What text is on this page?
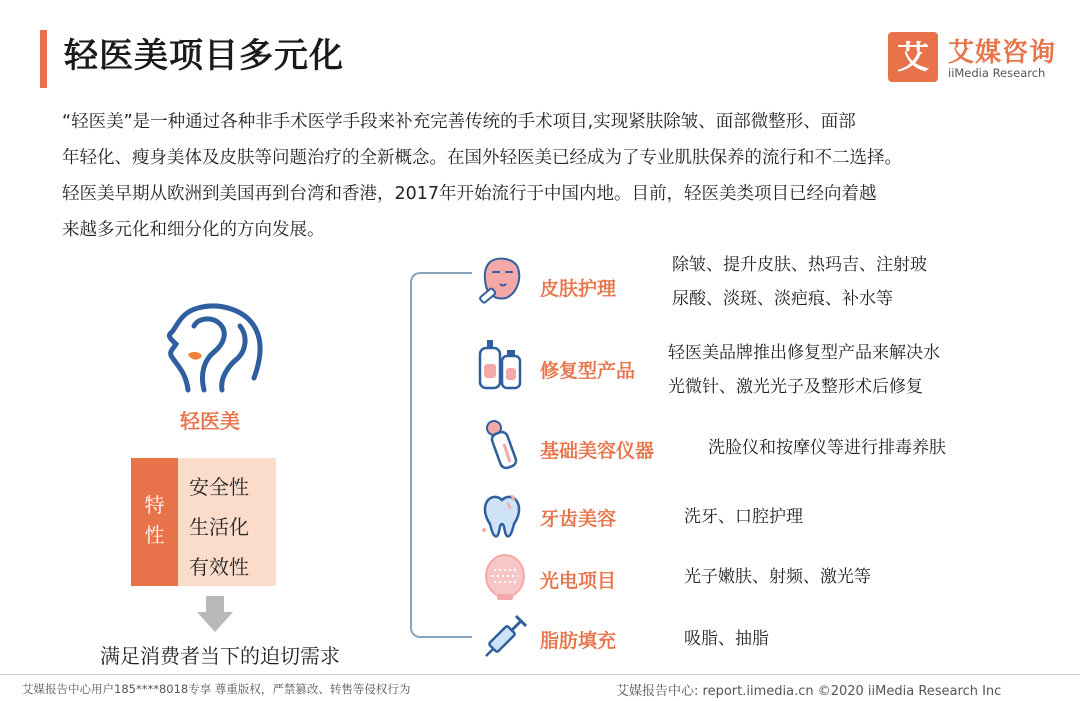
轻医美项目多元化	艾 艾媒咨询
iiMedia Research
“轻医美”是一种通过各种非手术医学手段来补充完善传统的手术项目,实现紧肤除皱、面部微整形、面部
年轻化、瘦身美体及皮肤等问题治疗的全新概念。在国外轻医美已经成为了专业肌肤保养的流行和不二选择。
轻医美早期从欧洲到美国再到台湾和香港，2017年开始流行于中国内地。目前，轻医美类项目已经向着越
来越多元化和细分化的方向发展。
轻医美
特
性
安全性
生活化
有效性
满足消费者当下的迫切需求
皮肤护理
除皱、提升皮肤、热玛吉、注射玻
尿酸、淡斑、淡疤痕、补水等
修复型产品
轻医美品牌推出修复型产品来解决水
光微针、激光光子及整形术后修复
基础美容仪器	洗脸仪和按摩仪等进行排毒养肤
牙齿美容	洗牙、口腔护理
光电项目	光子嫩肤、射频、激光等
脂肪填充	吸脂、抽脂
艾媒报告中心用户185****8018专享 尊重版权，严禁篡改、转售等侵权行为	艾媒报告中心: report.iimedia.cn ©2020 iiMedia Research Inc
